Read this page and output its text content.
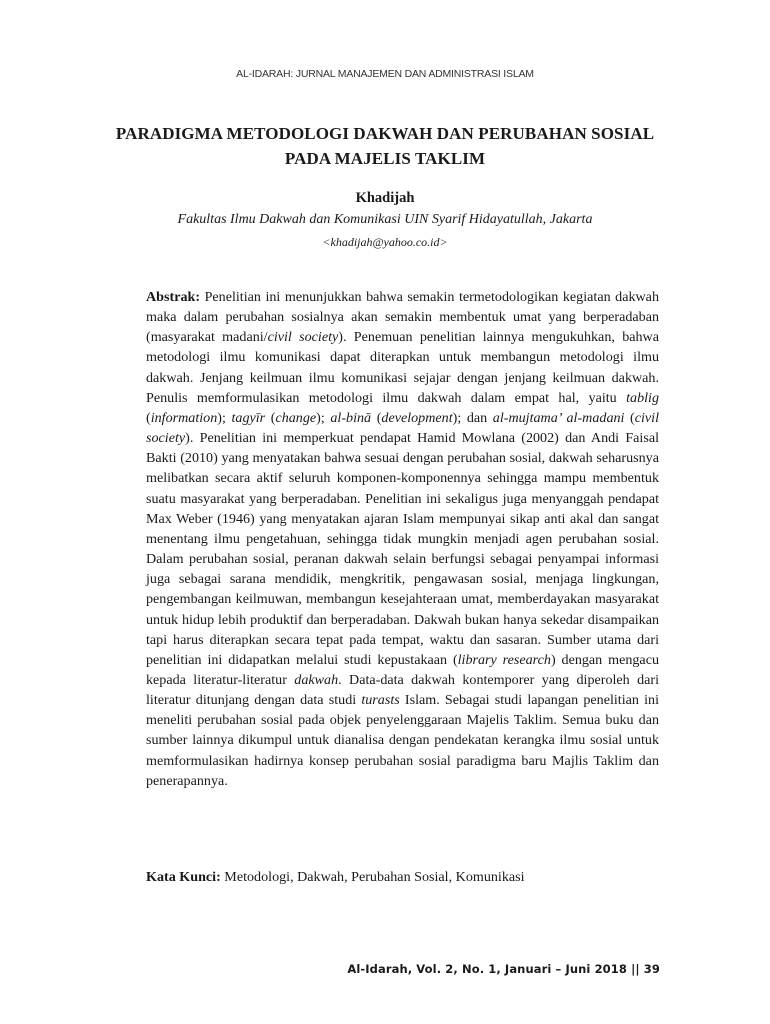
AL-IDARAH: JURNAL MANAJEMEN DAN ADMINISTRASI ISLAM
PARADIGMA METODOLOGI DAKWAH DAN PERUBAHAN SOSIAL PADA MAJELIS TAKLIM
Khadijah
Fakultas Ilmu Dakwah dan Komunikasi UIN Syarif Hidayatullah, Jakarta
<khadijah@yahoo.co.id>
Abstrak: Penelitian ini menunjukkan bahwa semakin termetodologikan kegiatan dakwah maka dalam perubahan sosialnya akan semakin membentuk umat yang berperadaban (masyarakat madani/civil society). Penemuan penelitian lainnya mengukuhkan, bahwa metodologi ilmu komunikasi dapat diterapkan untuk membangun metodologi ilmu dakwah. Jenjang keilmuan ilmu komunikasi sejajar dengan jenjang keilmuan dakwah. Penulis memformulasikan metodologi ilmu dakwah dalam empat hal, yaitu tablig (information); tagyīr (change); al-binā (development); dan al-mujtama’ al-madani (civil society). Penelitian ini memperkuat pendapat Hamid Mowlana (2002) dan Andi Faisal Bakti (2010) yang menyatakan bahwa sesuai dengan perubahan sosial, dakwah seharusnya melibatkan secara aktif seluruh komponen-komponennya sehingga mampu membentuk suatu masyarakat yang berperadaban. Penelitian ini sekaligus juga menyanggah pendapat Max Weber (1946) yang menyatakan ajaran Islam mempunyai sikap anti akal dan sangat menentang ilmu pengetahuan, sehingga tidak mungkin menjadi agen perubahan sosial. Dalam perubahan sosial, peranan dakwah selain berfungsi sebagai penyampai informasi juga sebagai sarana mendidik, mengkritik, pengawasan sosial, menjaga lingkungan, pengembangan keilmuwan, membangun kesejahteraan umat, memberdayakan masyarakat untuk hidup lebih produktif dan berperadaban. Dakwah bukan hanya sekedar disampaikan tapi harus diterapkan secara tepat pada tempat, waktu dan sasaran. Sumber utama dari penelitian ini didapatkan melalui studi kepustakaan (library research) dengan mengacu kepada literatur-literatur dakwah. Data-data dakwah kontemporer yang diperoleh dari literatur ditunjang dengan data studi turasts Islam. Sebagai studi lapangan penelitian ini meneliti perubahan sosial pada objek penyelenggaraan Majelis Taklim. Semua buku dan sumber lainnya dikumpul untuk dianalisa dengan pendekatan kerangka ilmu sosial untuk memformulasikan hadirnya konsep perubahan sosial paradigma baru Majlis Taklim dan penerapannya.
Kata Kunci: Metodologi, Dakwah, Perubahan Sosial, Komunikasi
Al-Idarah, Vol. 2, No. 1, Januari – Juni 2018 || 39
